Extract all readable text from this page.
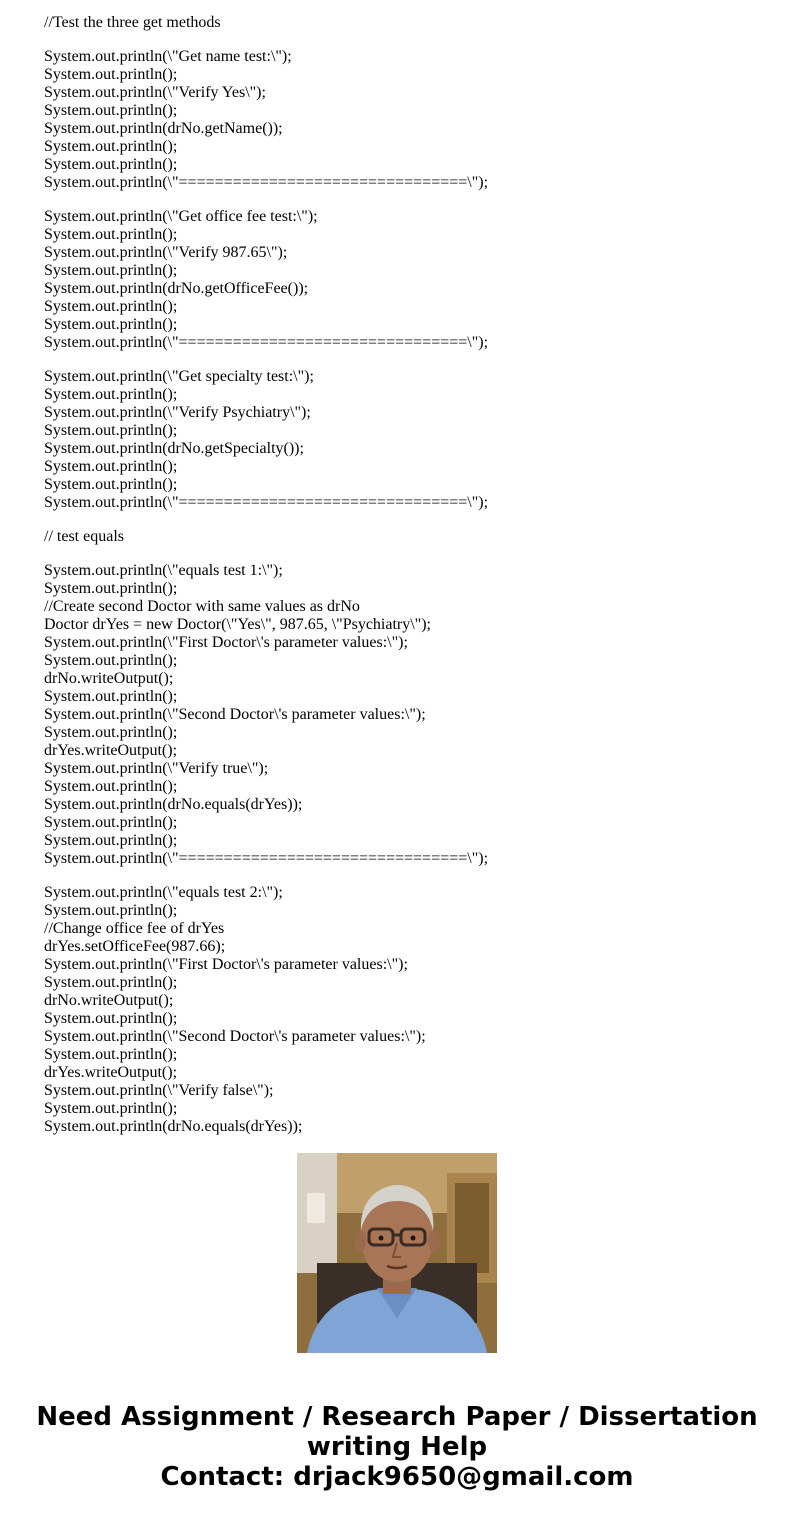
//Test the three get methods
System.out.println(\"Get name test:\");
System.out.println();
System.out.println(\"Verify Yes\");
System.out.println();
System.out.println(drNo.getName());
System.out.println();
System.out.println();
System.out.println(\"================================\");
System.out.println(\"Get office fee test:\");
System.out.println();
System.out.println(\"Verify 987.65\");
System.out.println();
System.out.println(drNo.getOfficeFee());
System.out.println();
System.out.println();
System.out.println(\"================================\");
System.out.println(\"Get specialty test:\");
System.out.println();
System.out.println(\"Verify Psychiatry\");
System.out.println();
System.out.println(drNo.getSpecialty());
System.out.println();
System.out.println();
System.out.println(\"================================\");
// test equals
System.out.println(\"equals test 1:\");
System.out.println();
//Create second Doctor with same values as drNo
Doctor drYes = new Doctor(\"Yes\", 987.65, \"Psychiatry\");
System.out.println(\"First Doctor\'s parameter values:\");
System.out.println();
drNo.writeOutput();
System.out.println();
System.out.println(\"Second Doctor\'s parameter values:\");
System.out.println();
drYes.writeOutput();
System.out.println(\"Verify true\");
System.out.println();
System.out.println(drNo.equals(drYes));
System.out.println();
System.out.println();
System.out.println(\"================================\");
System.out.println(\"equals test 2:\");
System.out.println();
//Change office fee of drYes
drYes.setOfficeFee(987.66);
System.out.println(\"First Doctor\'s parameter values:\");
System.out.println();
drNo.writeOutput();
System.out.println();
System.out.println(\"Second Doctor\'s parameter values:\");
System.out.println();
drYes.writeOutput();
System.out.println(\"Verify false\");
System.out.println();
System.out.println(drNo.equals(drYes));
Need Assignment / Research Paper / Dissertation
writing Help
Contact: drjack9650@gmail.com
